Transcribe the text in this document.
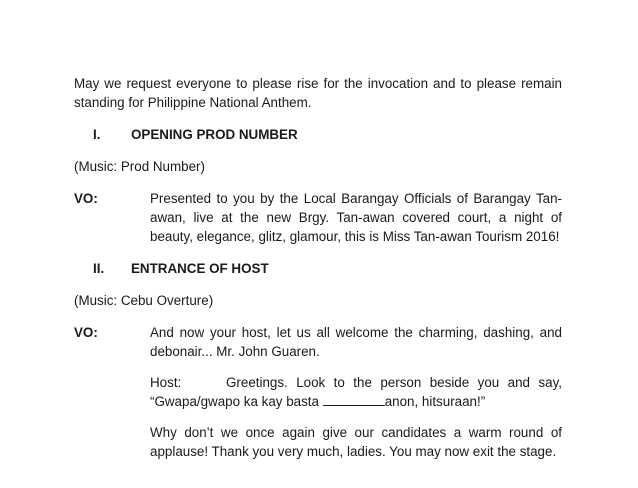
May we request everyone to please rise for the invocation and to please remain standing for Philippine National Anthem.

I.	OPENING PROD NUMBER
(Music: Prod Number)
VO:	Presented to you by the Local Barangay Officials of Barangay Tan-awan, live at the new Brgy. Tan-awan covered court, a night of beauty, elegance, glitz, glamour, this is Miss Tan-awan Tourism 2016!

II.	ENTRANCE OF HOST
(Music: Cebu Overture)
VO:	And now your host, let us all welcome the charming, dashing, and debonair... Mr. John Guaren.

Host:	Greetings. Look to the person beside you and say, “Gwapa/gwapo ka kay basta	anon, hitsuraan!”

Why don’t we once again give our candidates a warm round of applause! Thank you very much, ladies. You may now exit the stage.
